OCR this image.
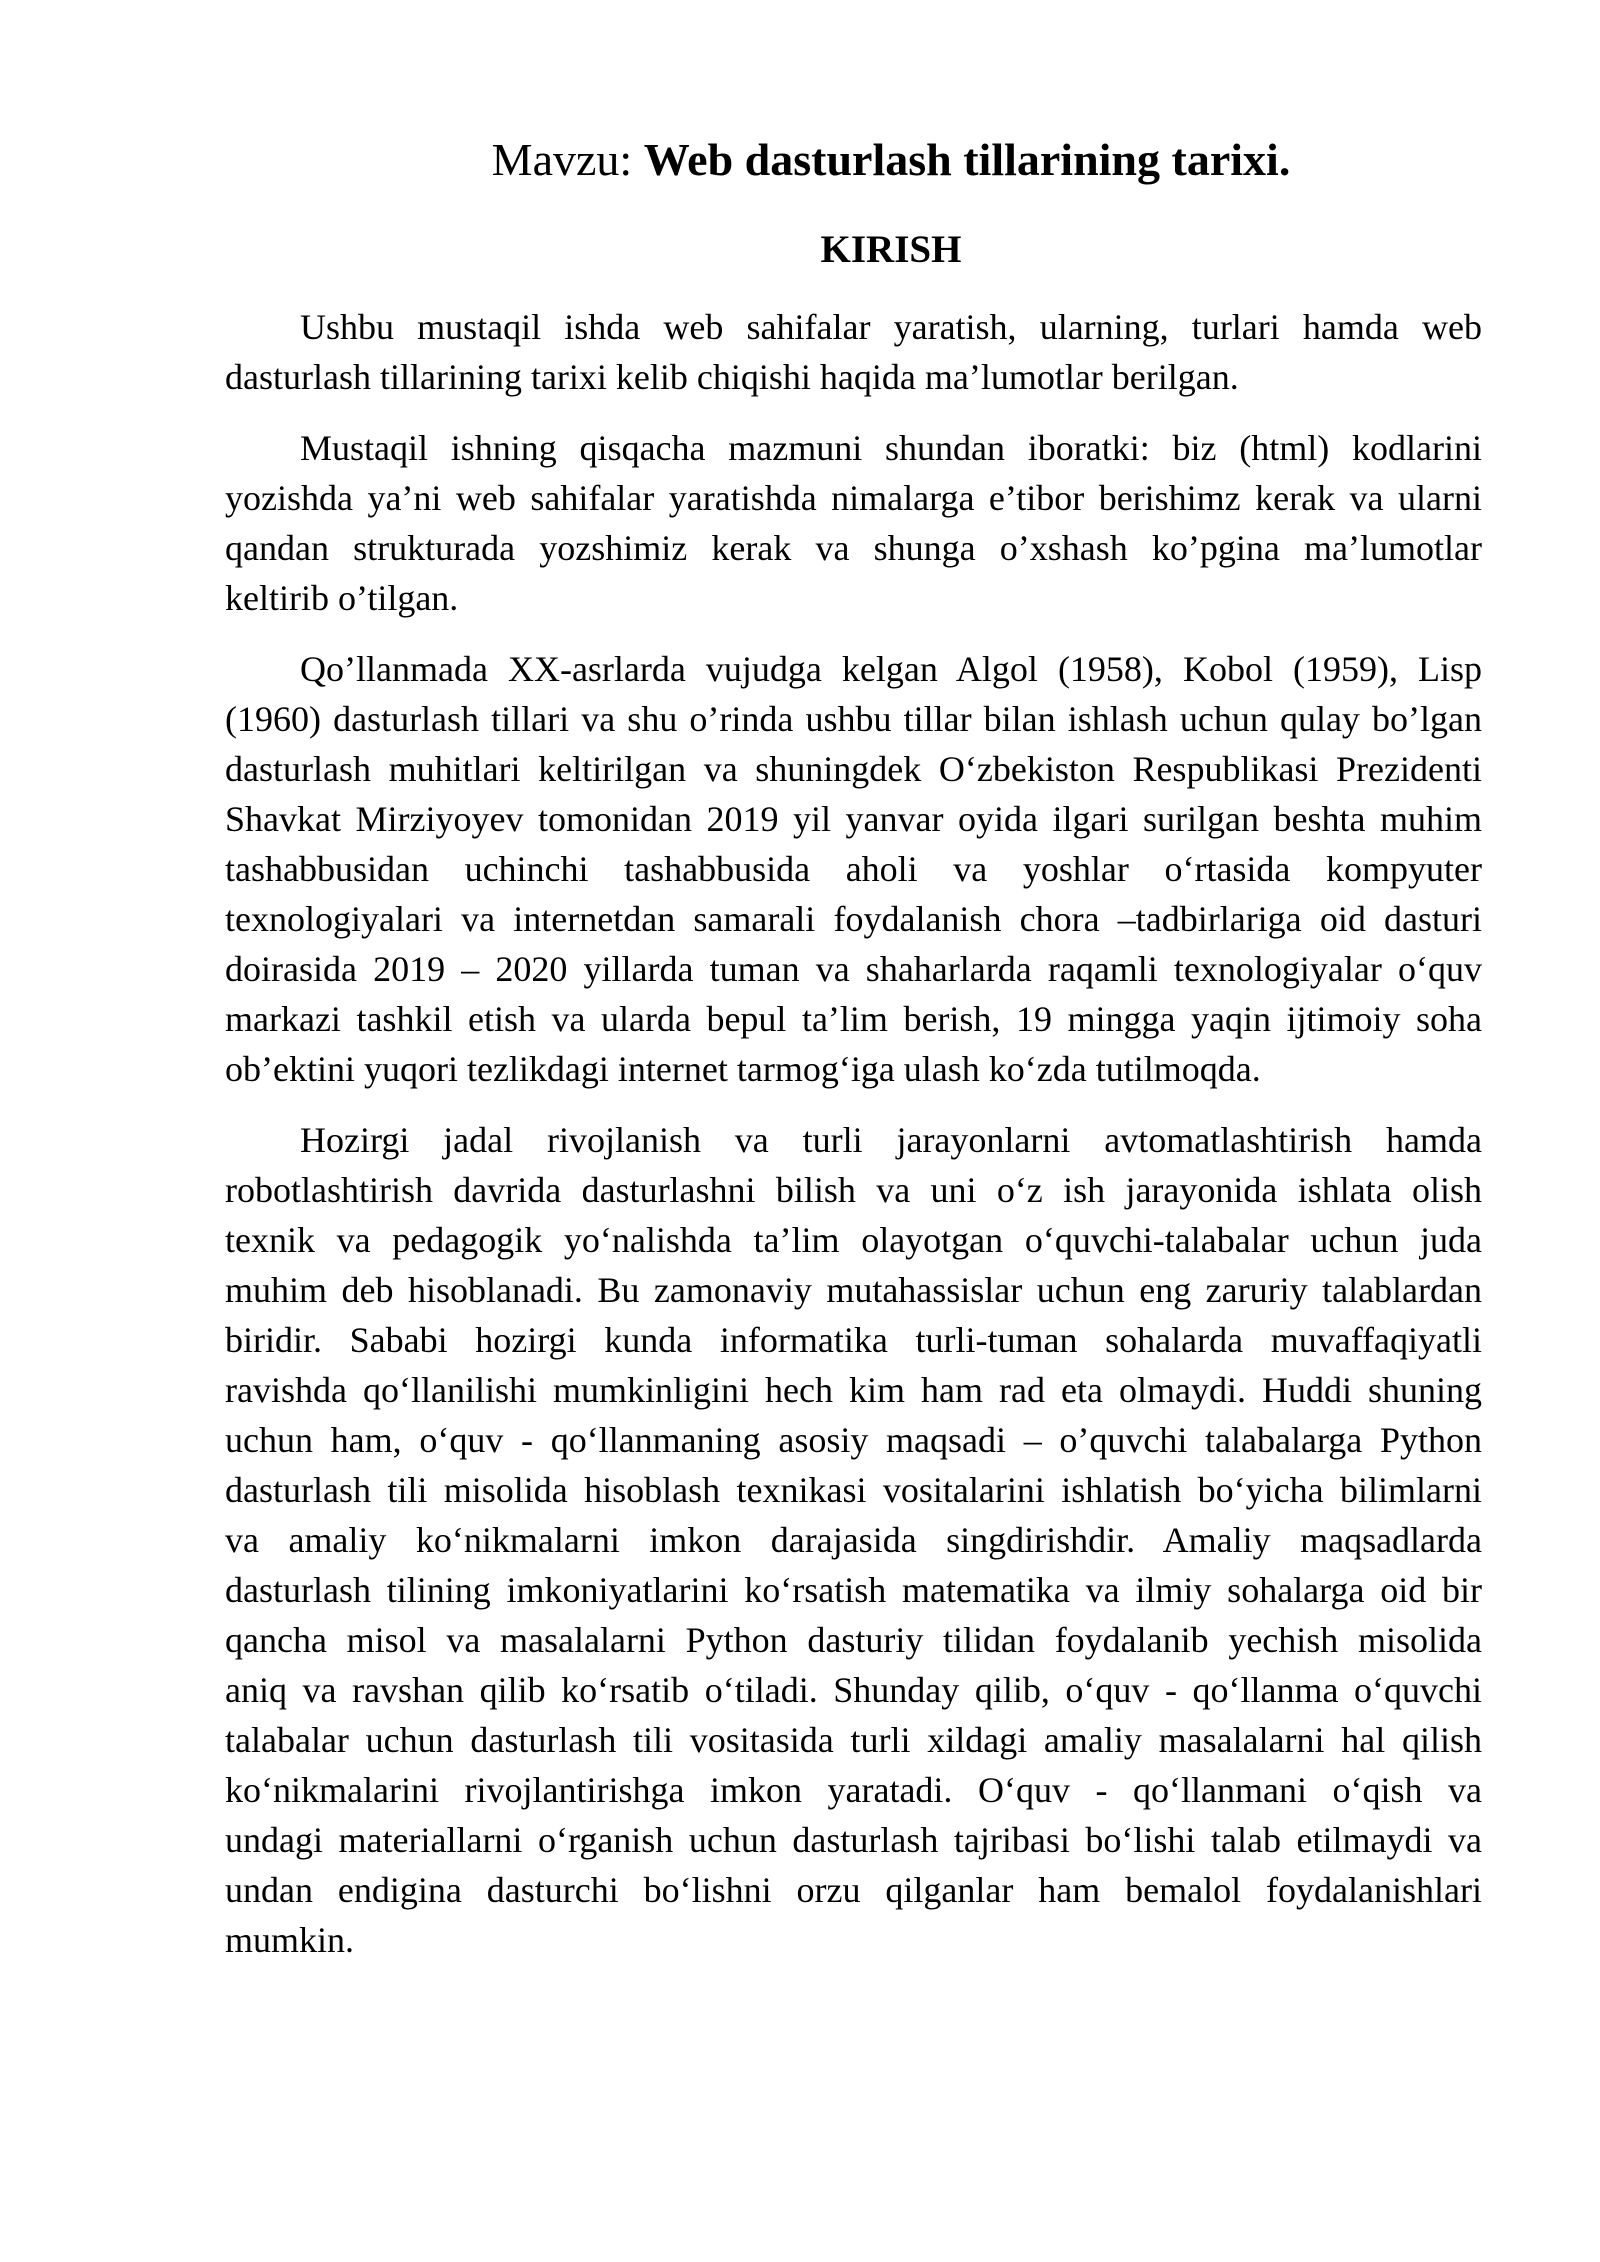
Mavzu: Web dasturlash tillarining tarixi.
KIRISH
Ushbu mustaqil ishda web sahifalar yaratish, ularning, turlari hamda web
dasturlash tillarining tarixi kelib chiqishi haqida ma’lumotlar berilgan.
Mustaqil ishning qisqacha mazmuni shundan iboratki: biz (html) kodlarini
yozishda ya’ni web sahifalar yaratishda nimalarga e’tibor berishimz kerak va ularni
qandan strukturada yozshimiz kerak va shunga o’xshash ko’pgina ma’lumotlar
keltirib o’tilgan.
Qo’llanmada XX-asrlarda vujudga kelgan Algol (1958), Kobol (1959), Lisp
(1960) dasturlash tillari va shu o’rinda ushbu tillar bilan ishlash uchun qulay bo’lgan
dasturlash muhitlari keltirilgan va shuningdek O‘zbekiston Respublikasi Prezidenti
Shavkat Mirziyoyev tomonidan 2019 yil yanvar oyida ilgari surilgan beshta muhim
tashabbusidan uchinchi tashabbusida aholi va yoshlar o‘rtasida kompyuter
texnologiyalari va internetdan samarali foydalanish chora –tadbirlariga oid dasturi
doirasida 2019 – 2020 yillarda tuman va shaharlarda raqamli texnologiyalar o‘quv
markazi tashkil etish va ularda bepul ta’lim berish, 19 mingga yaqin ijtimoiy soha
ob’ektini yuqori tezlikdagi internet tarmog‘iga ulash ko‘zda tutilmoqda.
Hozirgi jadal rivojlanish va turli jarayonlarni avtomatlashtirish hamda
robotlashtirish davrida dasturlashni bilish va uni o‘z ish jarayonida ishlata olish
texnik va pedagogik yo‘nalishda ta’lim olayotgan o‘quvchi-talabalar uchun juda
muhim deb hisoblanadi. Bu zamonaviy mutahassislar uchun eng zaruriy talablardan
biridir. Sababi hozirgi kunda informatika turli-tuman sohalarda muvaffaqiyatli
ravishda qo‘llanilishi mumkinligini hech kim ham rad eta olmaydi. Huddi shuning
uchun ham, o‘quv - qo‘llanmaning asosiy maqsadi – o’quvchi talabalarga Python
dasturlash tili misolida hisoblash texnikasi vositalarini ishlatish bo‘yicha bilimlarni
va amaliy ko‘nikmalarni imkon darajasida singdirishdir. Amaliy maqsadlarda
dasturlash tilining imkoniyatlarini ko‘rsatish matematika va ilmiy sohalarga oid bir
qancha misol va masalalarni Python dasturiy tilidan foydalanib yechish misolida
aniq va ravshan qilib ko‘rsatib o‘tiladi. Shunday qilib, o‘quv - qo‘llanma o‘quvchi
talabalar uchun dasturlash tili vositasida turli xildagi amaliy masalalarni hal qilish
ko‘nikmalarini rivojlantirishga imkon yaratadi. O‘quv - qo‘llanmani o‘qish va
undagi materiallarni o‘rganish uchun dasturlash tajribasi bo‘lishi talab etilmaydi va
undan endigina dasturchi bo‘lishni orzu qilganlar ham bemalol foydalanishlari
mumkin.
